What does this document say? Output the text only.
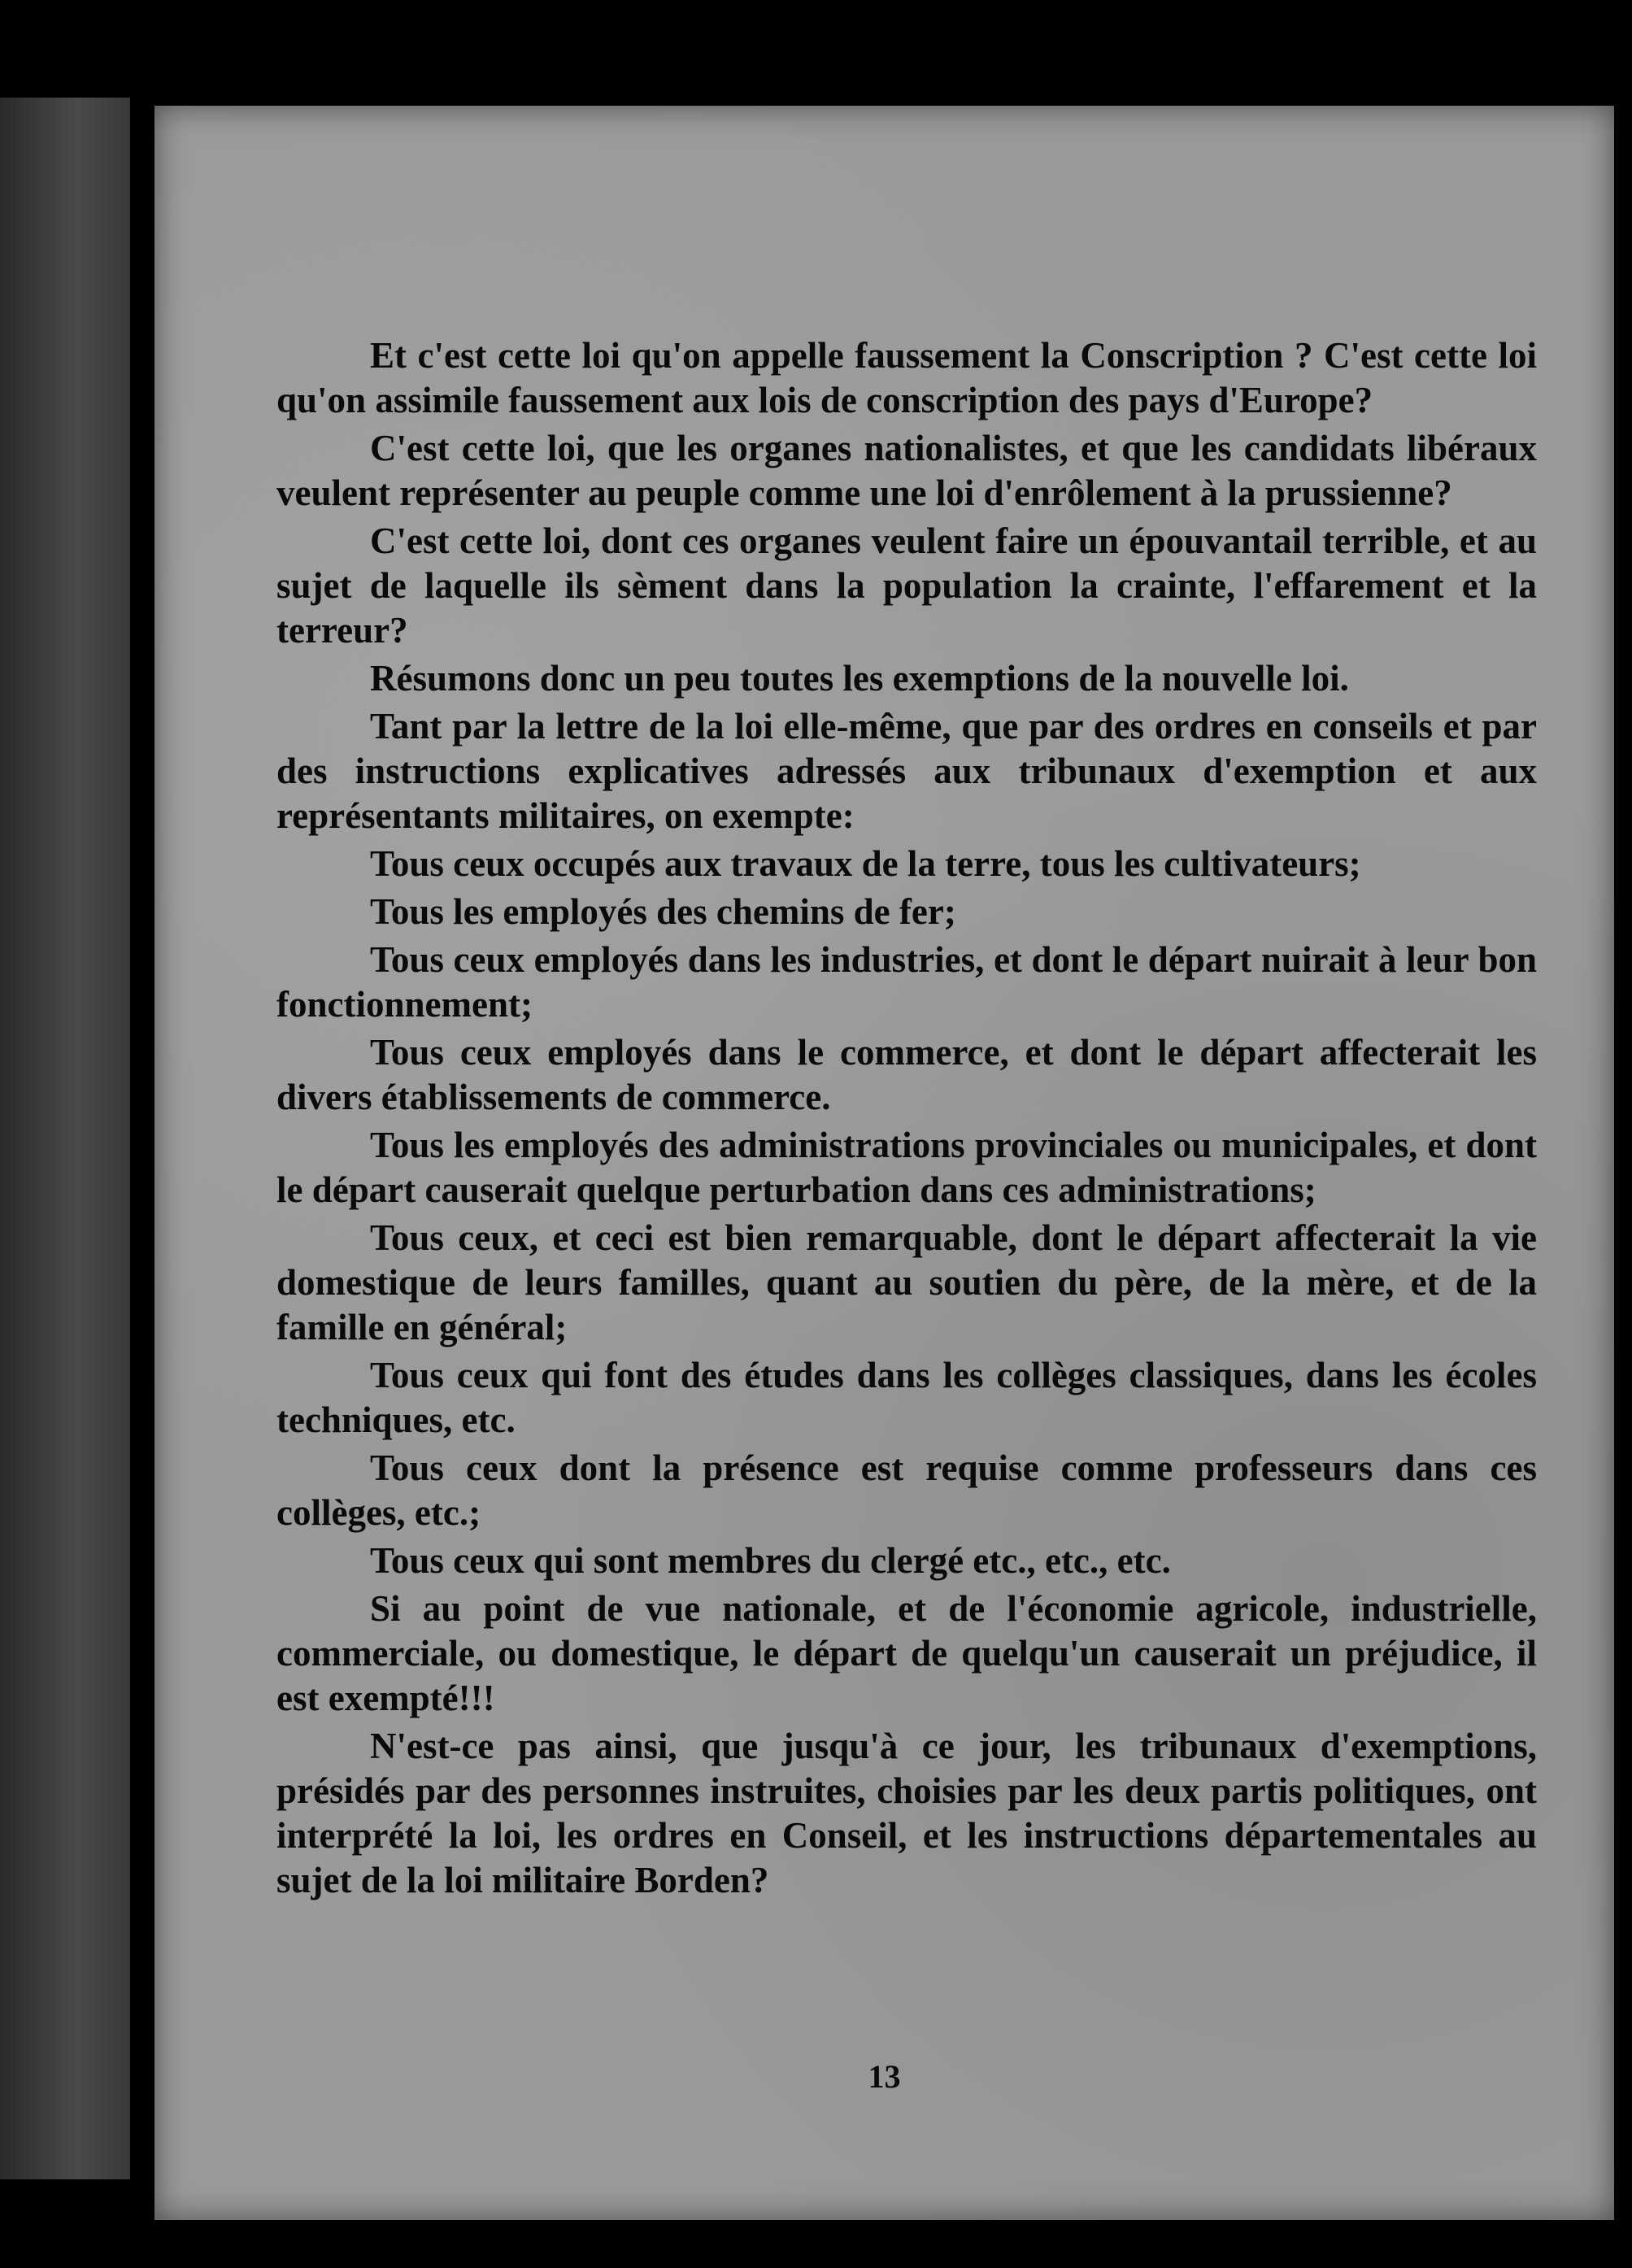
Et c'est cette loi qu'on appelle faussement la Conscription ? C'est cette loi qu'on assimile faussement aux lois de conscription des pays d'Europe?

C'est cette loi, que les organes nationalistes, et que les candidats libéraux veulent représenter au peuple comme une loi d'enrôlement à la prussienne?

C'est cette loi, dont ces organes veulent faire un épouvantail terrible, et au sujet de laquelle ils sèment dans la population la crainte, l'effarement et la terreur?

Résumons donc un peu toutes les exemptions de la nouvelle loi.

Tant par la lettre de la loi elle-même, que par des ordres en conseils et par des instructions explicatives adressés aux tribunaux d'exemption et aux représentants militaires, on exempte:

Tous ceux occupés aux travaux de la terre, tous les cultivateurs;

Tous les employés des chemins de fer;

Tous ceux employés dans les industries, et dont le départ nuirait à leur bon fonctionnement;

Tous ceux employés dans le commerce, et dont le départ affecterait les divers établissements de commerce.

Tous les employés des administrations provinciales ou municipales, et dont le départ causerait quelque perturbation dans ces administrations;

Tous ceux, et ceci est bien remarquable, dont le départ affecterait la vie domestique de leurs familles, quant au soutien du père, de la mère, et de la famille en général;

Tous ceux qui font des études dans les collèges classiques, dans les écoles techniques, etc.

Tous ceux dont la présence est requise comme professeurs dans ces collèges, etc.;

Tous ceux qui sont membres du clergé etc., etc., etc.

Si au point de vue nationale, et de l'économie agricole, industrielle, commerciale, ou domestique, le départ de quelqu'un causerait un préjudice, il est exempté!!!

N'est-ce pas ainsi, que jusqu'à ce jour, les tribunaux d'exemptions, présidés par des personnes instruites, choisies par les deux partis politiques, ont interprété la loi, les ordres en Conseil, et les instructions départementales au sujet de la loi militaire Borden?

13
